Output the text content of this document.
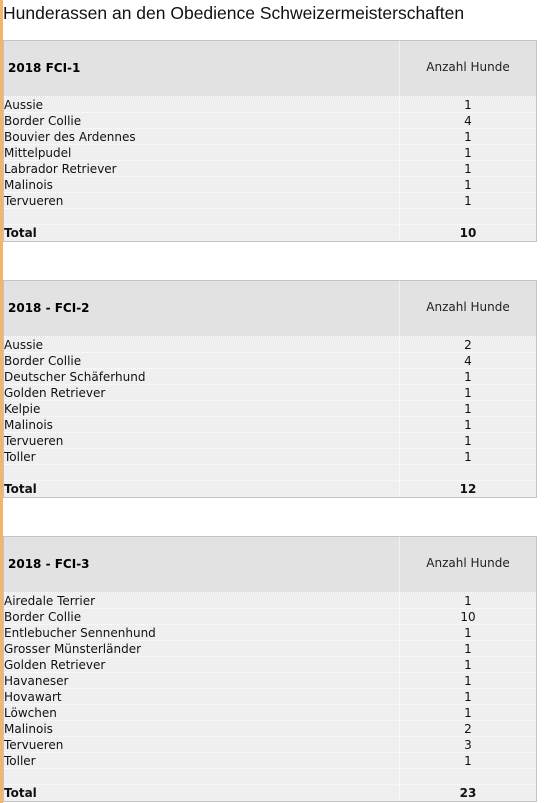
Hunderassen an den Obedience Schweizermeisterschaften
2018 FCI-1	Anzahl Hunde
Aussie	1
Border Collie	4
Bouvier des Ardennes	1
Mittelpudel	1
Labrador Retriever	1
Malinois	1
Tervueren	1
Total	10
2018 - FCI-2	Anzahl Hunde
Aussie	2
Border Collie	4
Deutscher Schäferhund	1
Golden Retriever	1
Kelpie	1
Malinois	1
Tervueren	1
Toller	1
Total	12
2018 - FCI-3	Anzahl Hunde
Airedale Terrier	1
Border Collie	10
Entlebucher Sennenhund	1
Grosser Münsterländer	1
Golden Retriever	1
Havaneser	1
Hovawart	1
Löwchen	1
Malinois	2
Tervueren	3
Toller	1
Total	23
